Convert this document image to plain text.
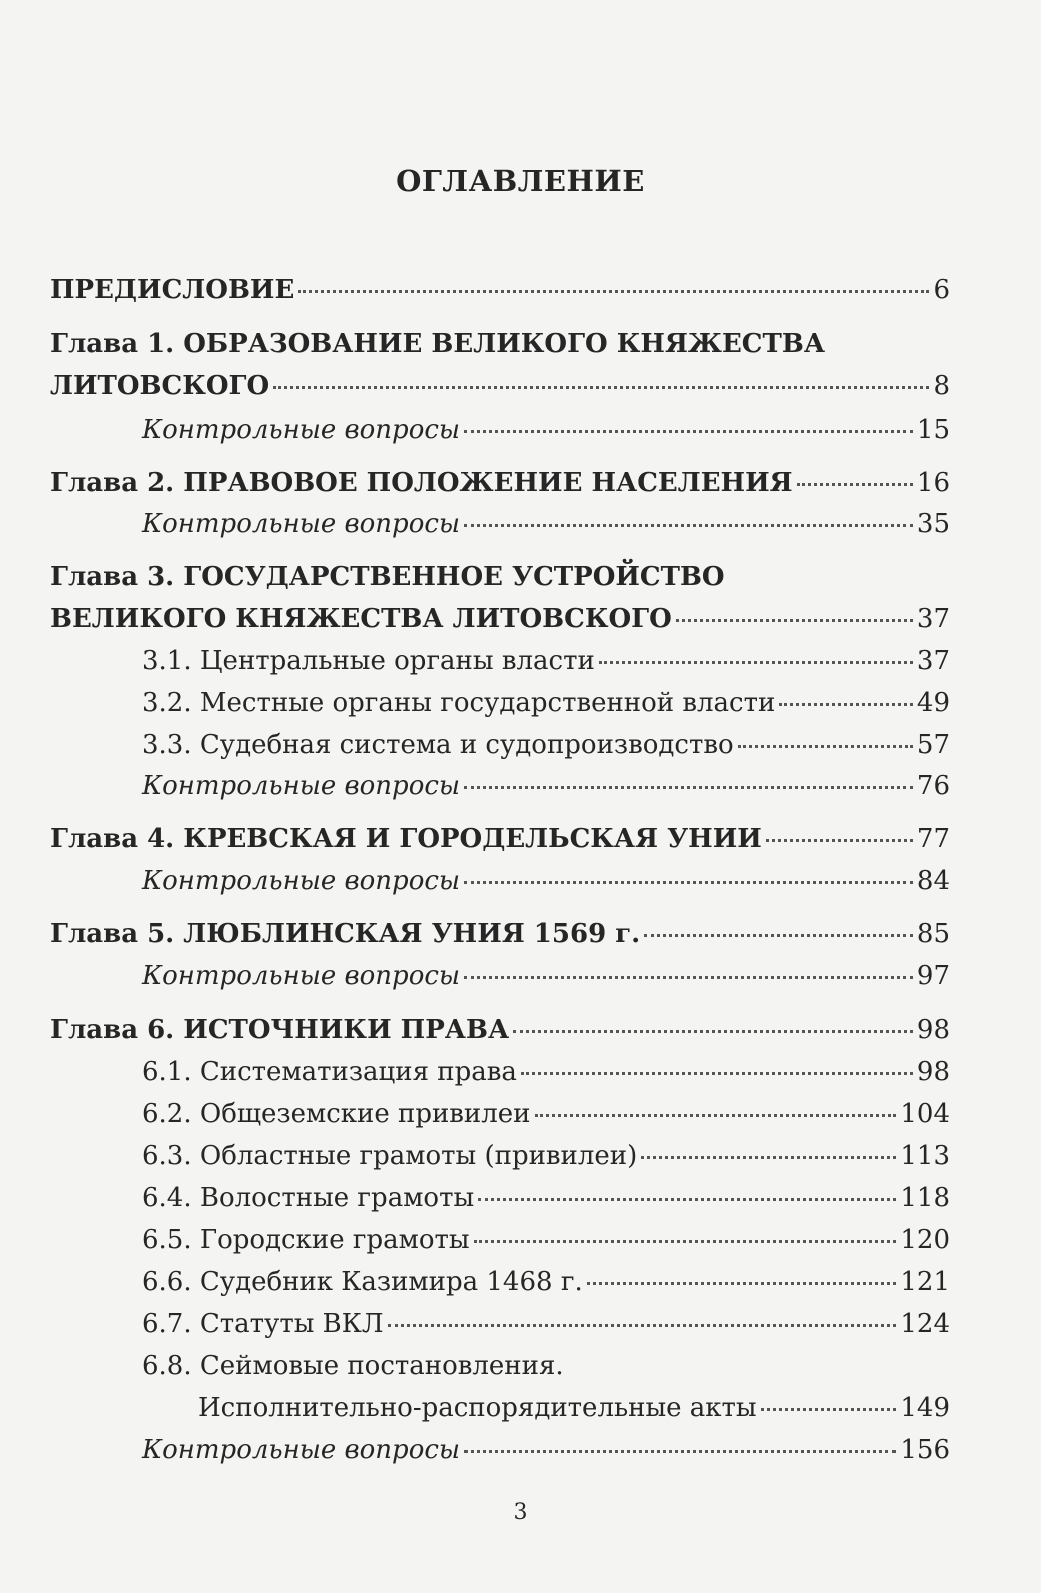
ОГЛАВЛЕНИЕ
ПРЕДИСЛОВИЕ	6
Глава 1. ОБРАЗОВАНИЕ ВЕЛИКОГО КНЯЖЕСТВА
ЛИТОВСКОГО	8
Контрольные вопросы	15
Глава 2. ПРАВОВОЕ ПОЛОЖЕНИЕ НАСЕЛЕНИЯ	16
Контрольные вопросы	35
Глава 3. ГОСУДАРСТВЕННОЕ УСТРОЙСТВО
ВЕЛИКОГО КНЯЖЕСТВА ЛИТОВСКОГО	37
3.1. Центральные органы власти	37
3.2. Местные органы государственной власти	49
3.3. Судебная система и судопроизводство	57
Контрольные вопросы	76
Глава 4. КРЕВСКАЯ И ГОРОДЕЛЬСКАЯ УНИИ	77
Контрольные вопросы	84
Глава 5. ЛЮБЛИНСКАЯ УНИЯ 1569 г.	85
Контрольные вопросы	97
Глава 6. ИСТОЧНИКИ ПРАВА	98
6.1. Систематизация права	98
6.2. Общеземские привилеи	104
6.3. Областные грамоты (привилеи)	113
6.4. Волостные грамоты	118
6.5. Городские грамоты	120
6.6. Судебник Казимира 1468 г.	121
6.7. Статуты ВКЛ	124
6.8. Сеймовые постановления.
Исполнительно-распорядительные акты	149
Контрольные вопросы	156
3
